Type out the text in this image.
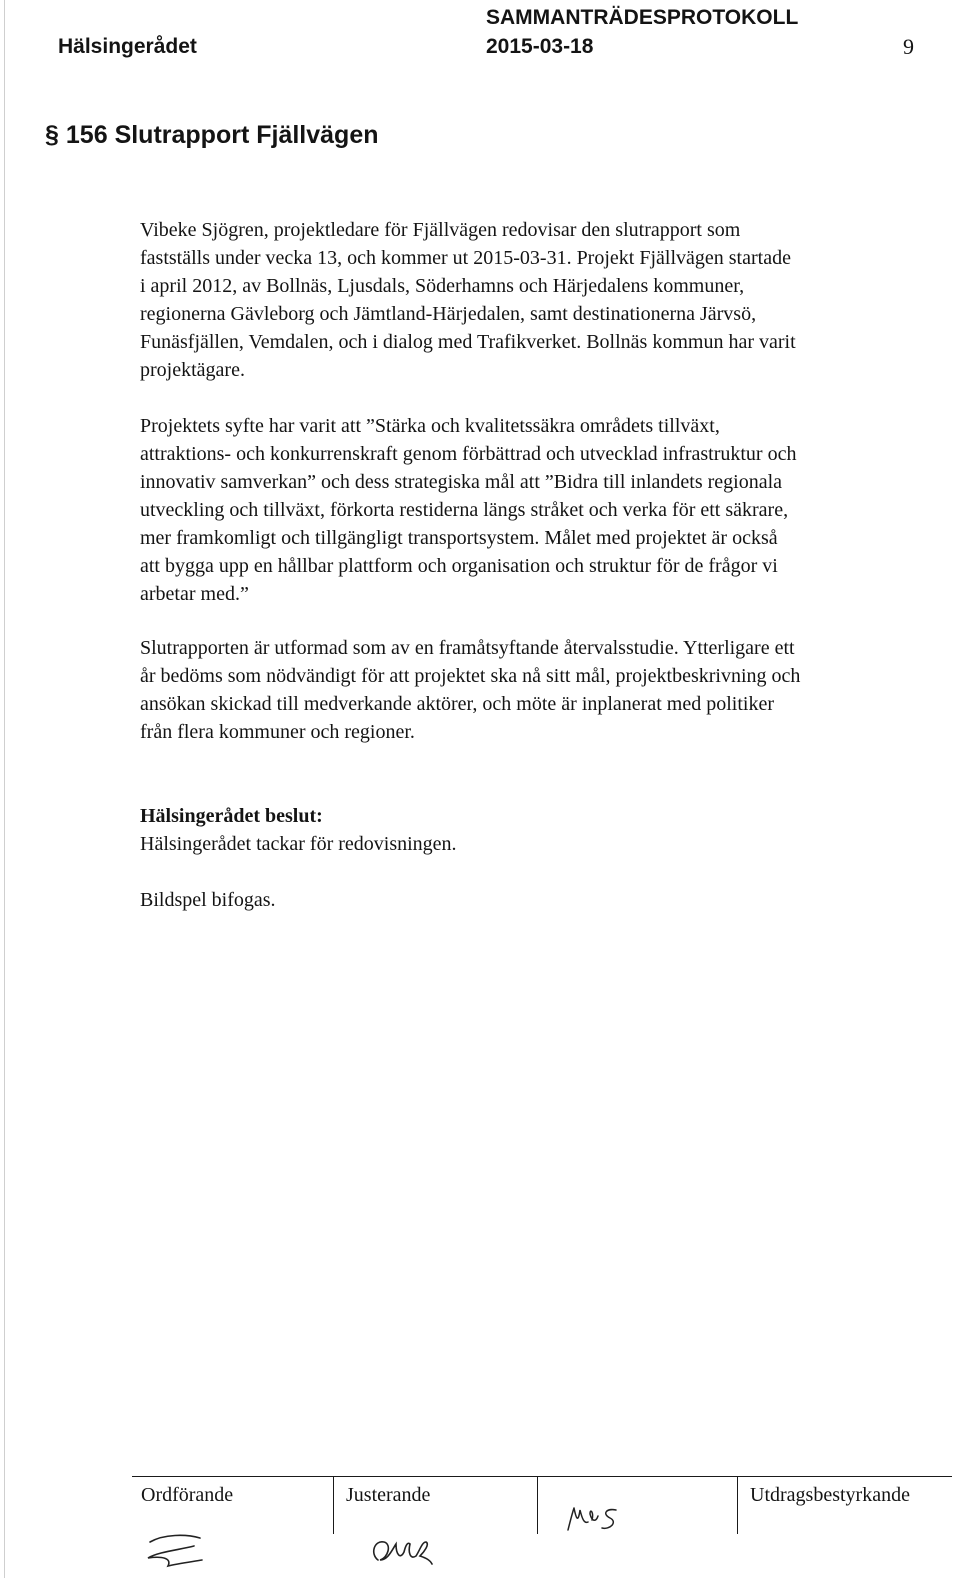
Hälsingerådet
SAMMANTRÄDESPROTOKOLL
2015-03-18	9
§ 156 Slutrapport Fjällvägen

Vibeke Sjögren, projektledare för Fjällvägen redovisar den slutrapport som

fastställs under vecka 13, och kommer ut 2015-03-31. Projekt Fjällvägen startade

i april 2012, av Bollnäs, Ljusdals, Söderhamns och Härjedalens kommuner,

regionerna Gävleborg och Jämtland-Härjedalen, samt destinationerna Järvsö,

Funäsfjällen, Vemdalen, och i dialog med Trafikverket. Bollnäs kommun har varit

projektägare.

Projektets syfte har varit att ”Stärka och kvalitetssäkra områdets tillväxt,

attraktions- och konkurrenskraft genom förbättrad och utvecklad infrastruktur och

innovativ samverkan” och dess strategiska mål att ”Bidra till inlandets regionala

utveckling och tillväxt, förkorta restiderna längs stråket och verka för ett säkrare,

mer framkomligt och tillgängligt transportsystem. Målet med projektet är också

att bygga upp en hållbar plattform och organisation och struktur för de frågor vi

arbetar med.”

Slutrapporten är utformad som av en framåtsyftande återvalsstudie. Ytterligare ett

år bedöms som nödvändigt för att projektet ska nå sitt mål, projektbeskrivning och

ansökan skickad till medverkande aktörer, och möte är inplanerat med politiker

från flera kommuner och regioner.

Hälsingerådet beslut:

Hälsingerådet tackar för redovisningen.

Bildspel bifogas.

Ordförande	Justerande	Utdragsbestyrkande
